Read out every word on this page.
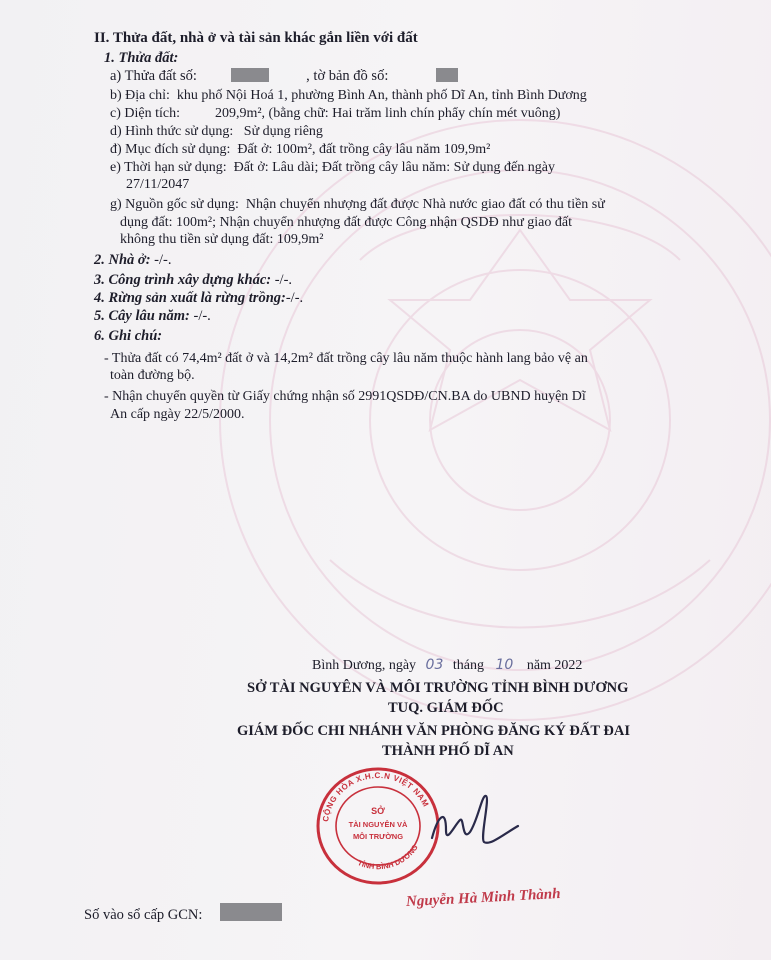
II. Thửa đất, nhà ở và tài sản khác gắn liền với đất
1. Thửa đất:
a) Thửa đất số:	, tờ bản đồ số:
b) Địa chỉ:  khu phố Nội Hoá 1, phường Bình An, thành phố Dĩ An, tỉnh Bình Dương
c) Diện tích:          209,9m², (bằng chữ: Hai trăm linh chín phẩy chín mét vuông)
d) Hình thức sử dụng:   Sử dụng riêng
đ) Mục đích sử dụng:  Đất ở: 100m², đất trồng cây lâu năm 109,9m²
e) Thời hạn sử dụng:  Đất ở: Lâu dài; Đất trồng cây lâu năm: Sử dụng đến ngày
27/11/2047
g) Nguồn gốc sử dụng:  Nhận chuyển nhượng đất được Nhà nước giao đất có thu tiền sử
dụng đất: 100m²; Nhận chuyển nhượng đất được Công nhận QSDĐ như giao đất
không thu tiền sử dụng đất: 109,9m²
2. Nhà ở: -/-.
3. Công trình xây dựng khác: -/-.
4. Rừng sản xuất là rừng trồng:-/-.
5. Cây lâu năm: -/-.
6. Ghi chú:
- Thửa đất có 74,4m² đất ở và 14,2m² đất trồng cây lâu năm thuộc hành lang bảo vệ an
toàn đường bộ.
- Nhận chuyển quyền từ Giấy chứng nhận số 2991QSDĐ/CN.BA do UBND huyện Dĩ
An cấp ngày 22/5/2000.
Bình Dương, ngày 03 tháng 10 năm 2022
SỞ TÀI NGUYÊN VÀ MÔI TRƯỜNG TỈNH BÌNH DƯƠNG
TUQ. GIÁM ĐỐC
GIÁM ĐỐC CHI NHÁNH VĂN PHÒNG ĐĂNG KÝ ĐẤT ĐAI
THÀNH PHỐ DĨ AN
CỘNG HÒA X.H.C.N VIỆT NAM
TỈNH BÌNH DƯƠNG
SỞ
TÀI NGUYÊN VÀ
MÔI TRƯỜNG
Nguyễn Hà Minh Thành
Số vào sổ cấp GCN:
